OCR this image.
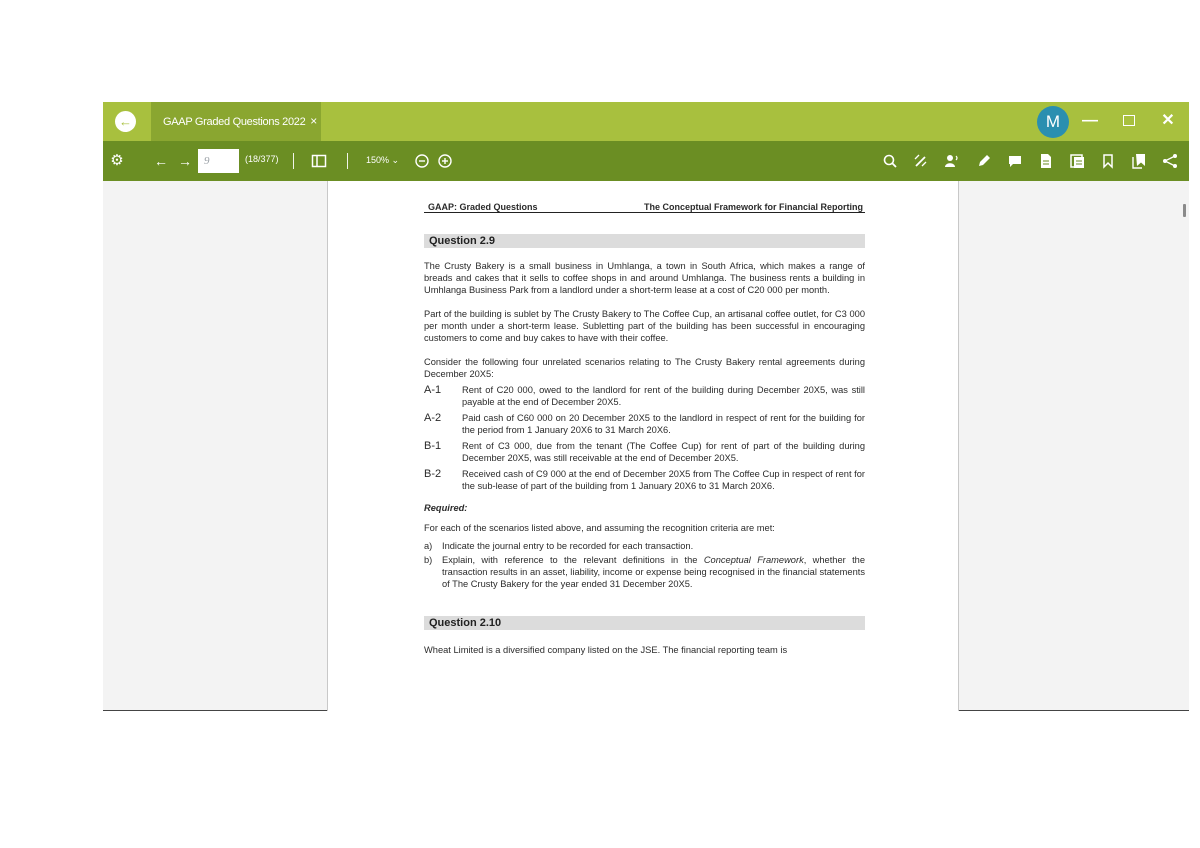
←	GAAP Graded Questions 2022 ×	M	—	✕
⚙ ← →	9	(18/377)	150% ⌄
GAAP: Graded Questions	The Conceptual Framework for Financial Reporting
Question 2.9
The Crusty Bakery is a small business in Umhlanga, a town in South Africa, which makes a range of breads and cakes that it sells to coffee shops in and around Umhlanga. The business rents a building in Umhlanga Business Park from a landlord under a short-term lease at a cost of C20 000 per month.
Part of the building is sublet by The Crusty Bakery to The Coffee Cup, an artisanal coffee outlet, for C3 000 per month under a short-term lease. Subletting part of the building has been successful in encouraging customers to come and buy cakes to have with their coffee.
Consider the following four unrelated scenarios relating to The Crusty Bakery rental agreements during December 20X5:
A-1	Rent of C20 000, owed to the landlord for rent of the building during December 20X5, was still payable at the end of December 20X5.
A-2	Paid cash of C60 000 on 20 December 20X5 to the landlord in respect of rent for the building for the period from 1 January 20X6 to 31 March 20X6.
B-1	Rent of C3 000, due from the tenant (The Coffee Cup) for rent of part of the building during December 20X5, was still receivable at the end of December 20X5.
B-2	Received cash of C9 000 at the end of December 20X5 from The Coffee Cup in respect of rent for the sub-lease of part of the building from 1 January 20X6 to 31 March 20X6.
Required:
For each of the scenarios listed above, and assuming the recognition criteria are met:
a)	Indicate the journal entry to be recorded for each transaction.
b)	Explain, with reference to the relevant definitions in the Conceptual Framework, whether the transaction results in an asset, liability, income or expense being recognised in the financial statements of The Crusty Bakery for the year ended 31 December 20X5.
Question 2.10
Wheat Limited is a diversified company listed on the JSE. The financial reporting team is
